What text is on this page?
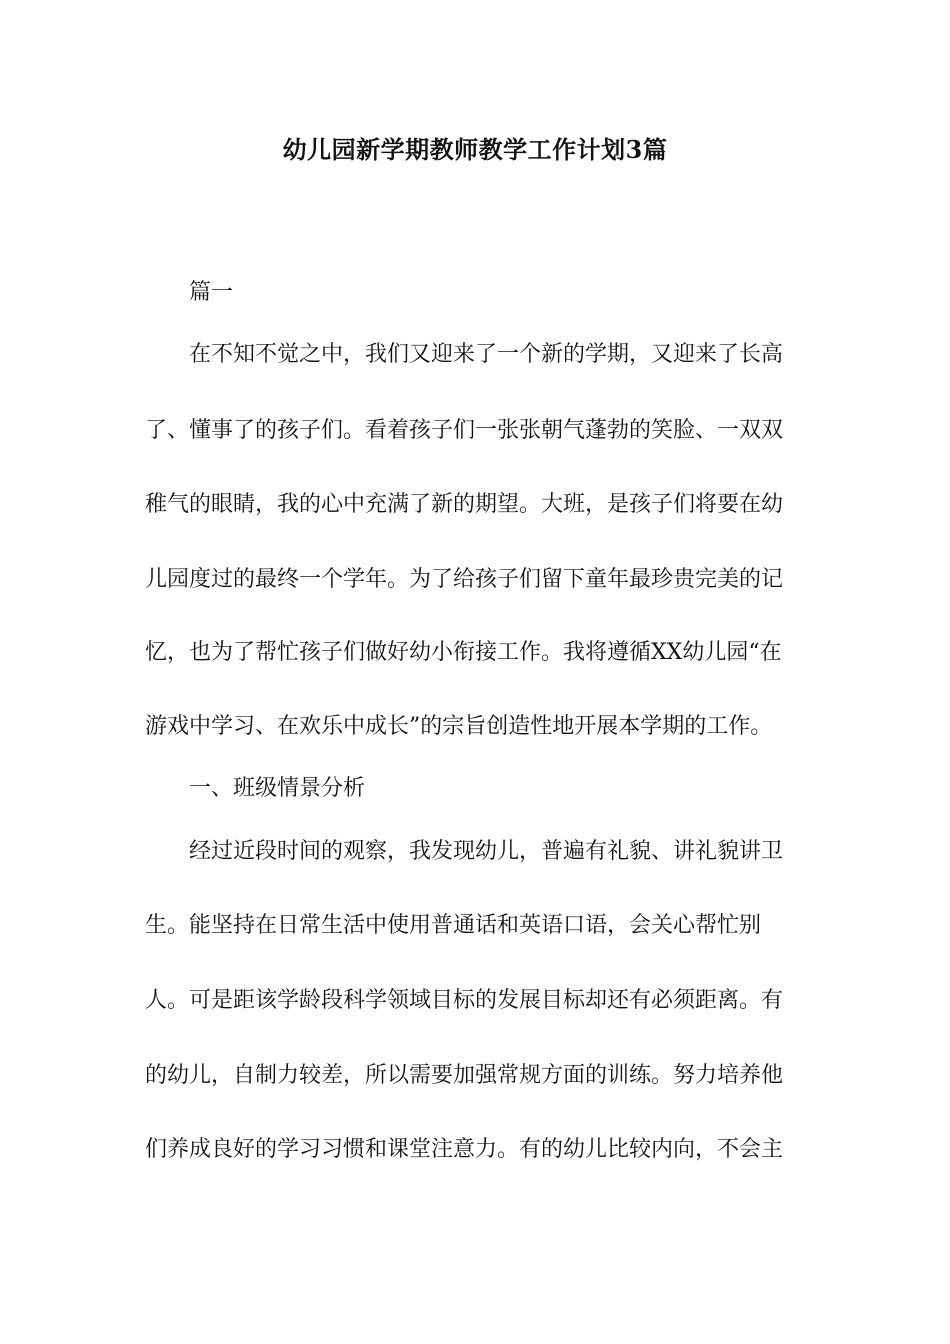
幼儿园新学期教师教学工作计划3篇
篇一
在不知不觉之中，我们又迎来了一个新的学期，又迎来了长高
了、懂事了的孩子们。看着孩子们一张张朝气蓬勃的笑脸、一双双
稚气的眼睛，我的心中充满了新的期望。大班，是孩子们将要在幼
儿园度过的最终一个学年。为了给孩子们留下童年最珍贵完美的记
忆，也为了帮忙孩子们做好幼小衔接工作。我将遵循XX幼儿园“在
游戏中学习、在欢乐中成长”的宗旨创造性地开展本学期的工作。
一、班级情景分析
经过近段时间的观察，我发现幼儿，普遍有礼貌、讲礼貌讲卫
生。能坚持在日常生活中使用普通话和英语口语，会关心帮忙别
人。可是距该学龄段科学领域目标的发展目标却还有必须距离。有
的幼儿，自制力较差，所以需要加强常规方面的训练。努力培养他
们养成良好的学习习惯和课堂注意力。有的幼儿比较内向，不会主
